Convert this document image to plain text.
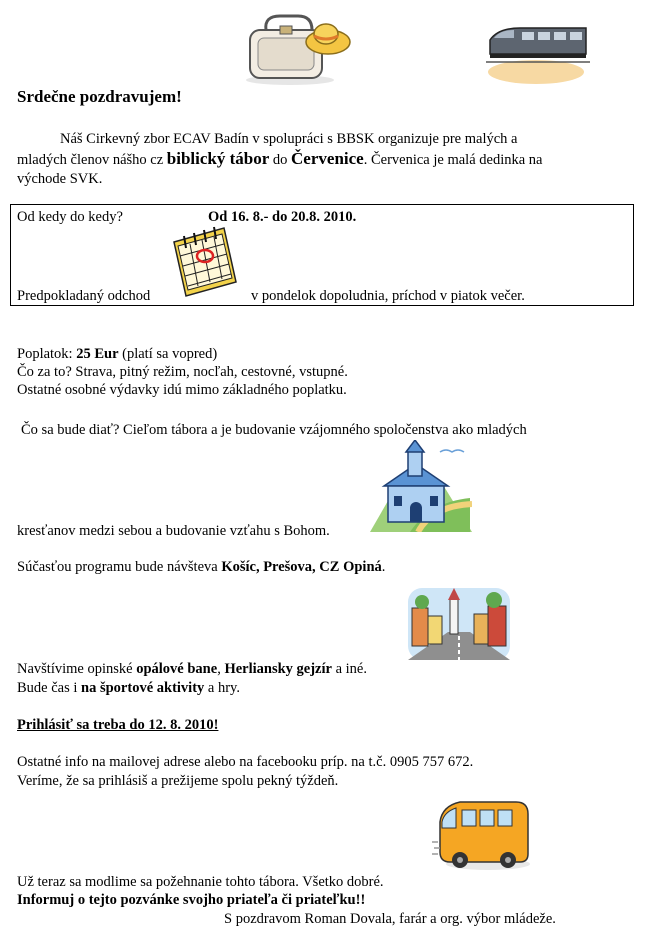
Srdečne pozdravujem!
Náš Cirkevný zbor ECAV Badín v spolupráci s BBSK organizuje pre malých a
mladých členov nášho cz biblický tábor do Červenice. Červenica je malá dedinka na
východe SVK.
Od kedy do kedy?	Od 16. 8.- do 20.8. 2010.
Predpokladaný odchod	v pondelok dopoludnia, príchod v piatok večer.
Poplatok: 25 Eur (platí sa vopred)
Čo za to? Strava, pitný režim, nocľah, cestovné, vstupné.
Ostatné osobné výdavky idú mimo základného poplatku.
Čo sa bude diať? Cieľom tábora a je budovanie vzájomného spoločenstva ako mladých
kresťanov medzi sebou a budovanie vzťahu s Bohom.
Súčasťou programu bude návšteva Košíc, Prešova, CZ Opiná.
Navštívime opinské opálové bane, Herliansky gejzír a iné.
Bude čas i na športové aktivity a hry.
Prihlásiť sa treba do 12. 8. 2010!
Ostatné info na mailovej adrese alebo na facebooku príp. na t.č. 0905 757 672.
Veríme, že sa prihlásiš a prežijeme spolu pekný týždeň.
Už teraz sa modlime sa požehnanie tohto tábora. Všetko dobré.
Informuj o tejto pozvánke svojho priateľa či priateľku!!
S pozdravom Roman Dovala, farár a org. výbor mládeže.
